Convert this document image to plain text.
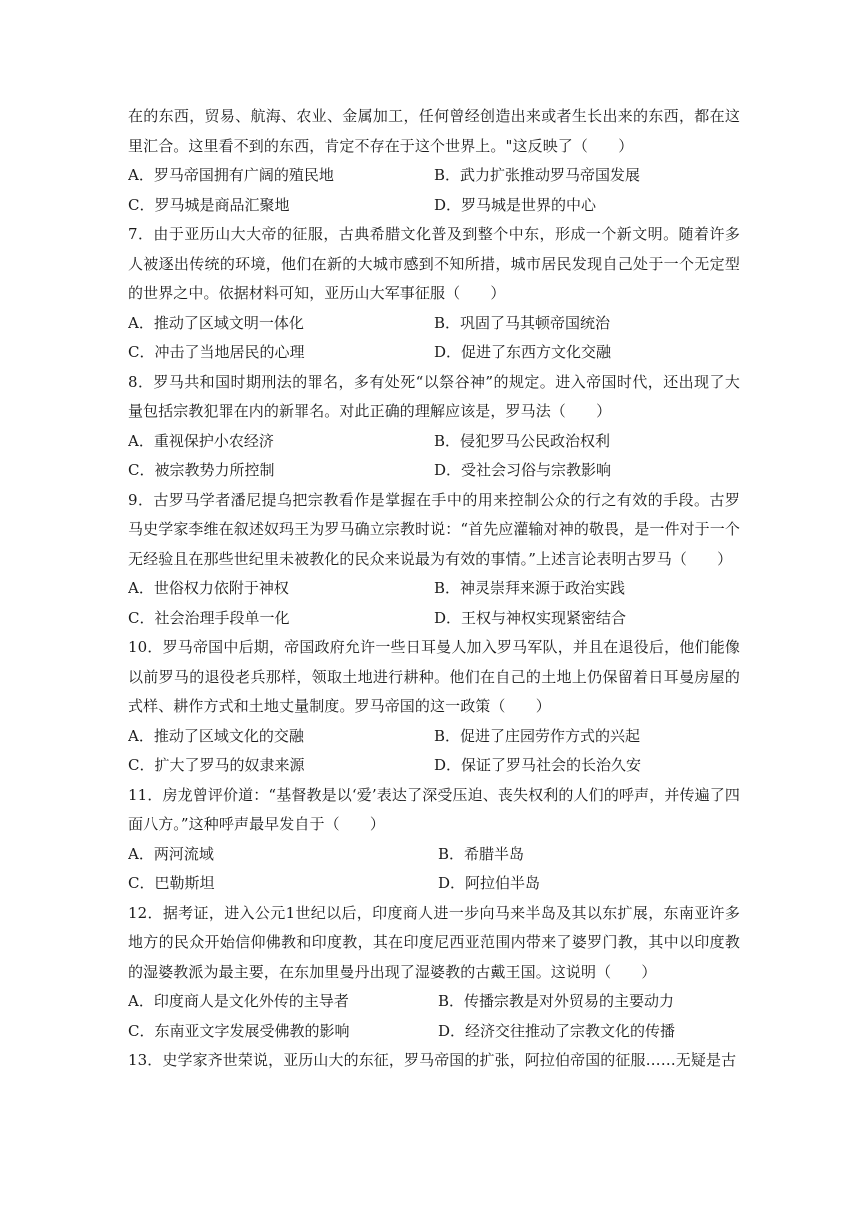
在的东西，贸易、航海、农业、金属加工，任何曾经创造出来或者生长出来的东西，都在这里汇合。这里看不到的东西，肯定不存在于这个世界上。"这反映了（　　）

A．罗马帝国拥有广阔的殖民地	B．武力扩张推动罗马帝国发展
C．罗马城是商品汇聚地	D．罗马城是世界的中心

7．由于亚历山大大帝的征服，古典希腊文化普及到整个中东，形成一个新文明。随着许多人被逐出传统的环境，他们在新的大城市感到不知所措，城市居民发现自己处于一个无定型的世界之中。依据材料可知，亚历山大军事征服（　　）

A．推动了区域文明一体化	B．巩固了马其顿帝国统治
C．冲击了当地居民的心理	D．促进了东西方文化交融

8．罗马共和国时期刑法的罪名，多有处死“以祭谷神”的规定。进入帝国时代，还出现了大量包括宗教犯罪在内的新罪名。对此正确的理解应该是，罗马法（　　）

A．重视保护小农经济	B．侵犯罗马公民政治权利
C．被宗教势力所控制	D．受社会习俗与宗教影响

9．古罗马学者潘尼提乌把宗教看作是掌握在手中的用来控制公众的行之有效的手段。古罗马史学家李维在叙述奴玛王为罗马确立宗教时说：“首先应灌输对神的敬畏，是一件对于一个无经验且在那些世纪里未被教化的民众来说最为有效的事情。”上述言论表明古罗马（　　）

A．世俗权力依附于神权	B．神灵崇拜来源于政治实践
C．社会治理手段单一化	D．王权与神权实现紧密结合

10．罗马帝国中后期，帝国政府允许一些日耳曼人加入罗马军队，并且在退役后，他们能像以前罗马的退役老兵那样，领取土地进行耕种。他们在自己的土地上仍保留着日耳曼房屋的式样、耕作方式和土地丈量制度。罗马帝国的这一政策（　　）

A．推动了区域文化的交融	B．促进了庄园劳作方式的兴起
C．扩大了罗马的奴隶来源	D．保证了罗马社会的长治久安

11．房龙曾评价道：“基督教是以‘爱’表达了深受压迫、丧失权利的人们的呼声，并传遍了四面八方。”这种呼声最早发自于（　　）

A．两河流域	B．希腊半岛
C．巴勒斯坦	D．阿拉伯半岛

12．据考证，进入公元1世纪以后，印度商人进一步向马来半岛及其以东扩展，东南亚许多地方的民众开始信仰佛教和印度教，其在印度尼西亚范围内带来了婆罗门教，其中以印度教的湿婆教派为最主要，在东加里曼丹出现了湿婆教的古戴王国。这说明（　　）

A．印度商人是文化外传的主导者	B．传播宗教是对外贸易的主要动力
C．东南亚文字发展受佛教的影响	D．经济交往推动了宗教文化的传播

13．史学家齐世荣说，亚历山大的东征，罗马帝国的扩张，阿拉伯帝国的征服……无疑是古
